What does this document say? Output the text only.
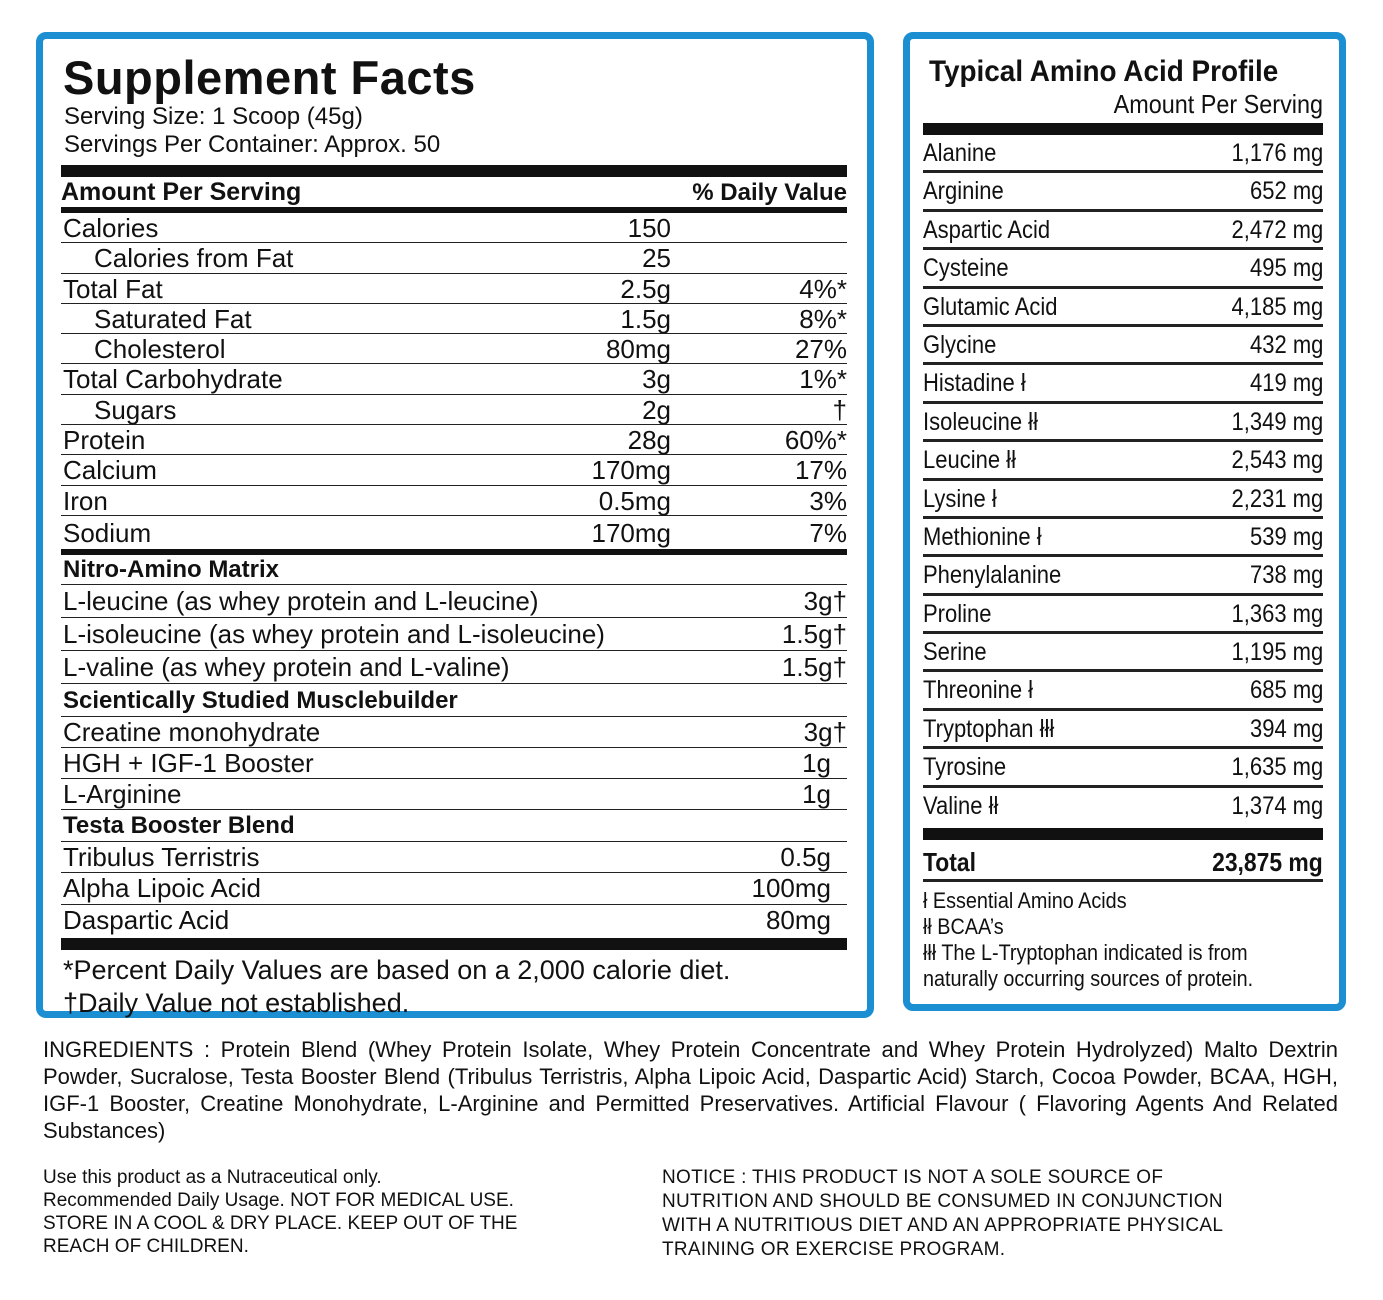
Supplement Facts
Serving Size: 1 Scoop (45g)
Servings Per Container: Approx. 50
Amount Per Serving	% Daily Value
Calories	150
Calories from Fat	25
Total Fat	2.5g	4%*
Saturated Fat	1.5g	8%*
Cholesterol	80mg	27%
Total Carbohydrate	3g	1%*
Sugars	2g	†
Protein	28g	60%*
Calcium	170mg	17%
Iron	0.5mg	3%
Sodium	170mg	7%
Nitro-Amino Matrix
L-leucine (as whey protein and L-leucine)	3g†
L-isoleucine (as whey protein and L-isoleucine)	1.5g†
L-valine (as whey protein and L-valine)	1.5g†
Scientically Studied Musclebuilder
Creatine monohydrate	3g†
HGH + IGF-1 Booster	1g
L-Arginine	1g
Testa Booster Blend
Tribulus Terristris	0.5g
Alpha Lipoic Acid	100mg
Daspartic Acid	80mg
*Percent Daily Values are based on a 2,000 calorie diet.
†Daily Value not established.
Typical Amino Acid Profile
Amount Per Serving
Alanine	1,176 mg
Arginine	652 mg
Aspartic Acid	2,472 mg
Cysteine	495 mg
Glutamic Acid	4,185 mg
Glycine	432 mg
Histadine ł	419 mg
Isoleucine łł	1,349 mg
Leucine łł	2,543 mg
Lysine ł	2,231 mg
Methionine ł	539 mg
Phenylalanine	738 mg
Proline	1,363 mg
Serine	1,195 mg
Threonine ł	685 mg
Tryptophan łłł	394 mg
Tyrosine	1,635 mg
Valine łł	1,374 mg
Total	23,875 mg
ł Essential Amino Acids
łł BCAA’s
łłł The L-Tryptophan indicated is from
naturally occurring sources of protein.
INGREDIENTS : Protein Blend (Whey Protein Isolate, Whey Protein Concentrate and Whey Protein Hydrolyzed) Malto Dextrin Powder, Sucralose, Testa Booster Blend (Tribulus Terristris, Alpha Lipoic Acid, Daspartic Acid) Starch, Cocoa Powder, BCAA, HGH, IGF-1 Booster, Creatine Monohydrate, L-Arginine and Permitted Preservatives. Artificial Flavour ( Flavoring Agents And Related Substances)
Use this product as a Nutraceutical only.
Recommended Daily Usage. NOT FOR MEDICAL USE.
STORE IN A COOL & DRY PLACE. KEEP OUT OF THE
REACH OF CHILDREN.
NOTICE : THIS PRODUCT IS NOT A SOLE SOURCE OF
NUTRITION AND SHOULD BE CONSUMED IN CONJUNCTION
WITH A NUTRITIOUS DIET AND AN APPROPRIATE PHYSICAL
TRAINING OR EXERCISE PROGRAM.
